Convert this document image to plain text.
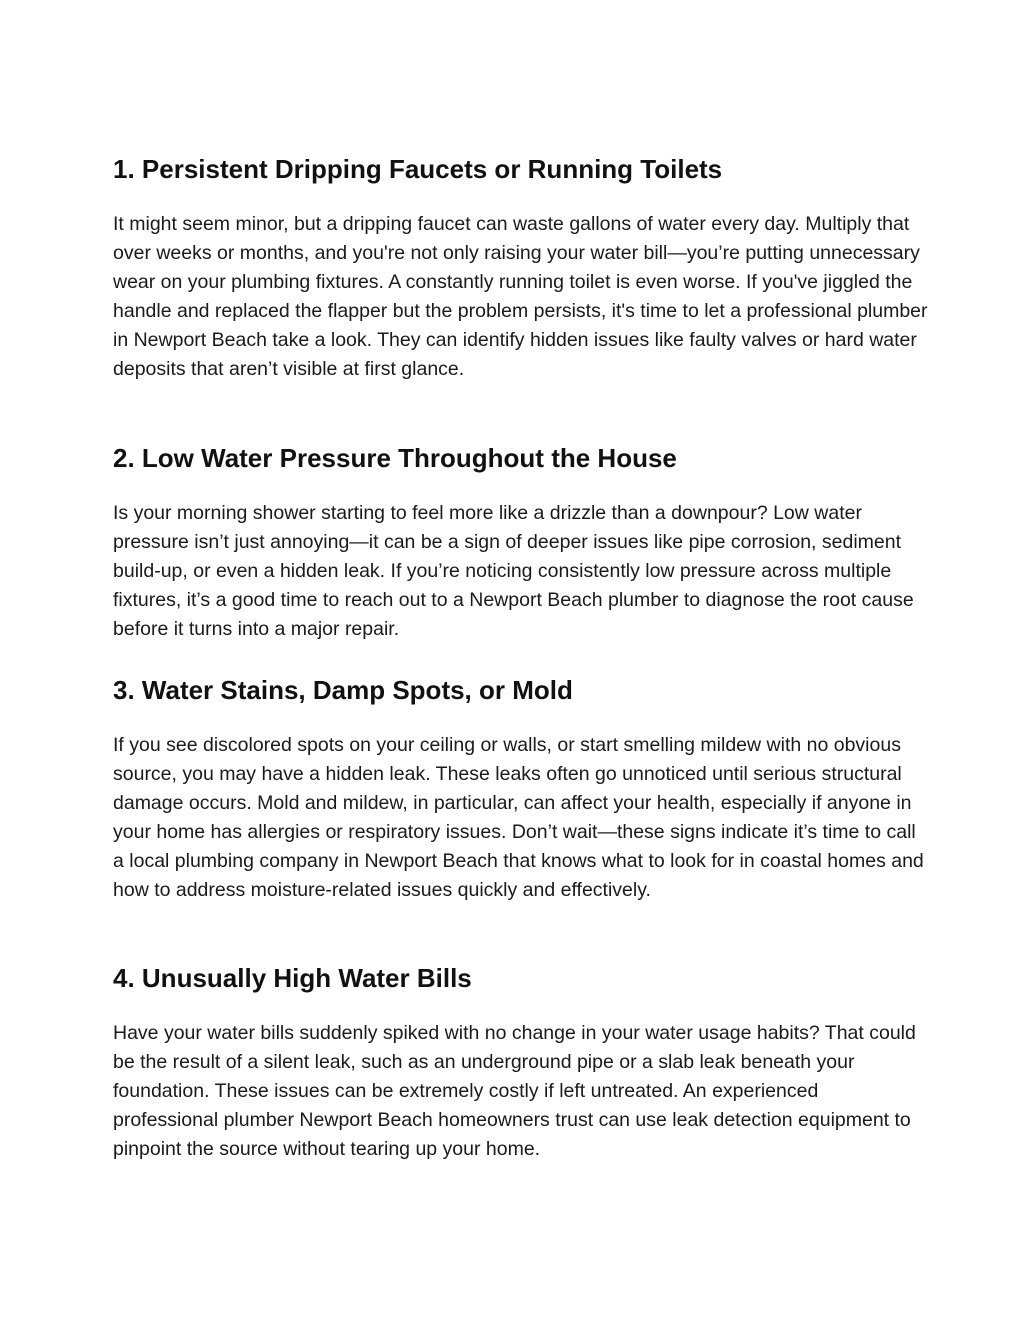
1. Persistent Dripping Faucets or Running Toilets

It might seem minor, but a dripping faucet can waste gallons of water every day. Multiply that over weeks or months, and you're not only raising your water bill—you’re putting unnecessary wear on your plumbing fixtures. A constantly running toilet is even worse. If you've jiggled the handle and replaced the flapper but the problem persists, it's time to let a professional plumber in Newport Beach take a look. They can identify hidden issues like faulty valves or hard water deposits that aren’t visible at first glance.

2. Low Water Pressure Throughout the House

Is your morning shower starting to feel more like a drizzle than a downpour? Low water pressure isn’t just annoying—it can be a sign of deeper issues like pipe corrosion, sediment build-up, or even a hidden leak. If you’re noticing consistently low pressure across multiple fixtures, it’s a good time to reach out to a Newport Beach plumber to diagnose the root cause before it turns into a major repair.

3. Water Stains, Damp Spots, or Mold

If you see discolored spots on your ceiling or walls, or start smelling mildew with no obvious source, you may have a hidden leak. These leaks often go unnoticed until serious structural damage occurs. Mold and mildew, in particular, can affect your health, especially if anyone in your home has allergies or respiratory issues. Don’t wait—these signs indicate it’s time to call a local plumbing company in Newport Beach that knows what to look for in coastal homes and how to address moisture-related issues quickly and effectively.

4. Unusually High Water Bills

Have your water bills suddenly spiked with no change in your water usage habits? That could be the result of a silent leak, such as an underground pipe or a slab leak beneath your foundation. These issues can be extremely costly if left untreated. An experienced professional plumber Newport Beach homeowners trust can use leak detection equipment to pinpoint the source without tearing up your home.
